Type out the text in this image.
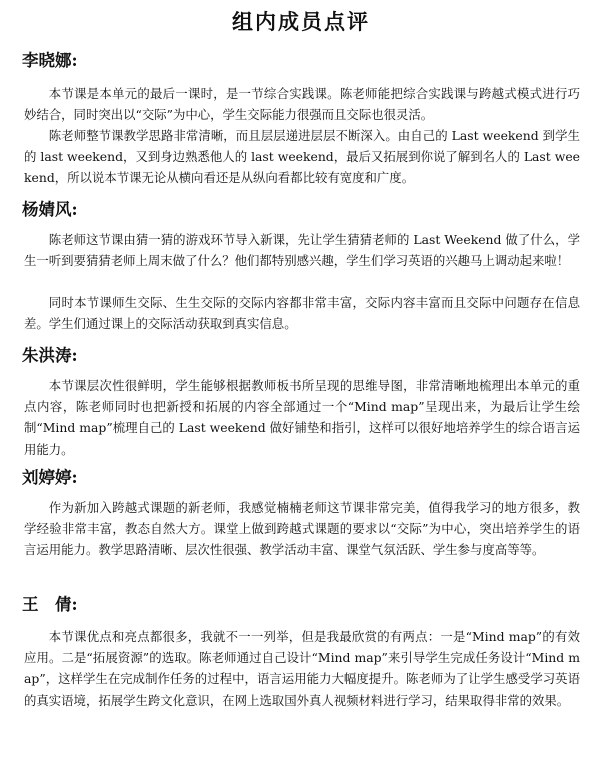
组内成员点评
李晓娜:
本节课是本单元的最后一课时，是一节综合实践课。陈老师能把综合实践课与跨越式模式进行巧妙结合，同时突出以“交际”为中心，学生交际能力很强而且交际也很灵活。
陈老师整节课教学思路非常清晰，而且层层递进层层不断深入。由自己的 Last weekend 到学生的 last weekend，又到身边熟悉他人的 last weekend，最后又拓展到你说了解到名人的 Last weekend，所以说本节课无论从横向看还是从纵向看都比较有宽度和广度。
杨婧风:
陈老师这节课由猜一猜的游戏环节导入新课，先让学生猜猜老师的 Last Weekend 做了什么，学生一听到要猜猜老师上周末做了什么？他们都特别感兴趣，学生们学习英语的兴趣马上调动起来啦！
同时本节课师生交际、生生交际的交际内容都非常丰富，交际内容丰富而且交际中问题存在信息差。学生们通过课上的交际活动获取到真实信息。
朱洪涛:
本节课层次性很鲜明，学生能够根据教师板书所呈现的思维导图，非常清晰地梳理出本单元的重点内容，陈老师同时也把新授和拓展的内容全部通过一个“Mind map”呈现出来，为最后让学生绘制“Mind map”梳理自己的 Last weekend 做好铺垫和指引，这样可以很好地培养学生的综合语言运用能力。
刘婷婷:
作为新加入跨越式课题的新老师，我感觉楠楠老师这节课非常完美，值得我学习的地方很多，教学经验非常丰富，教态自然大方。课堂上做到跨越式课题的要求以“交际”为中心，突出培养学生的语言运用能力。教学思路清晰、层次性很强、教学活动丰富、课堂气氛活跃、学生参与度高等等。
王　倩:
本节课优点和亮点都很多，我就不一一列举，但是我最欣赏的有两点：一是“Mind map”的有效应用。二是“拓展资源”的选取。陈老师通过自己设计“Mind map”来引导学生完成任务设计“Mind map”，这样学生在完成制作任务的过程中，语言运用能力大幅度提升。陈老师为了让学生感受学习英语的真实语境，拓展学生跨文化意识，在网上选取国外真人视频材料进行学习，结果取得非常的效果。
